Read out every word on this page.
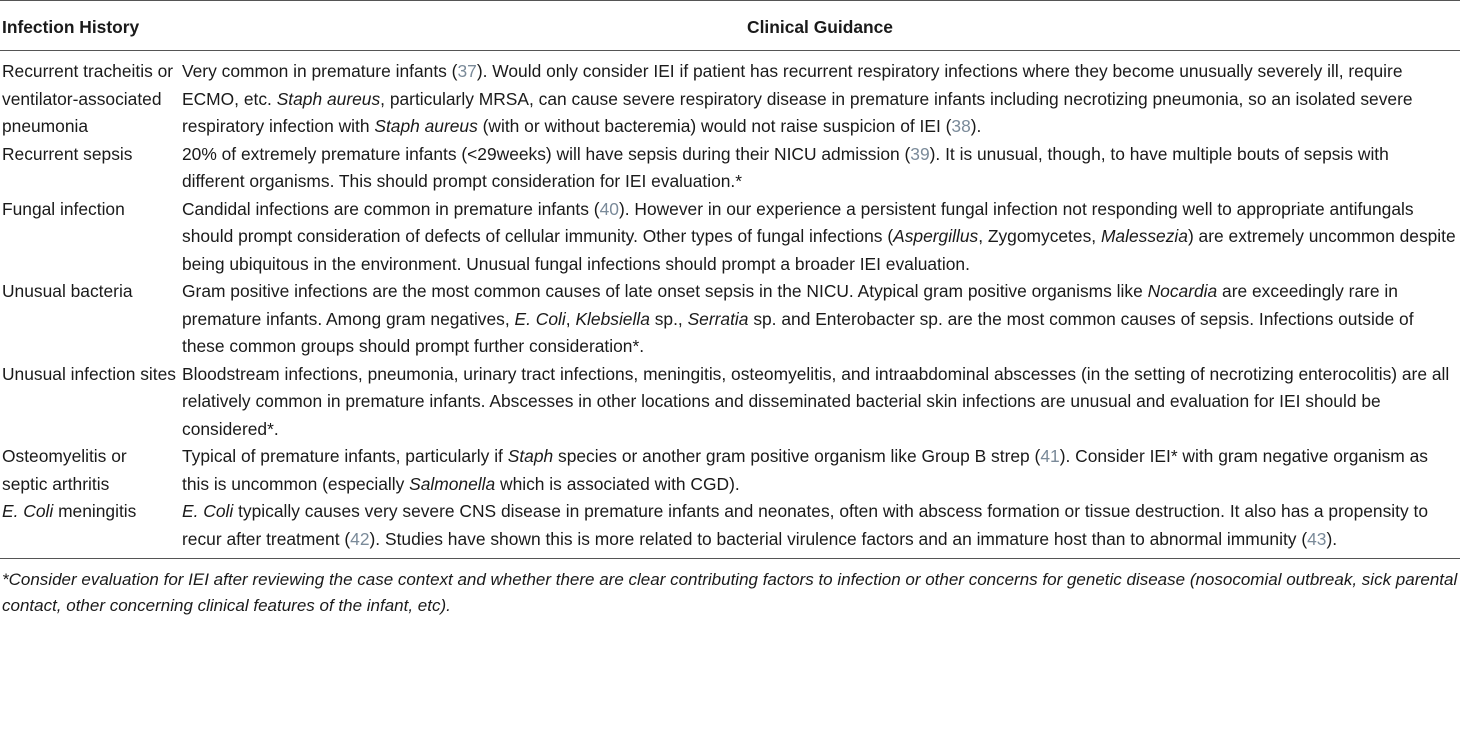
Infection History	Clinical Guidance
Recurrent tracheitis or ventilator-associated pneumonia	Very common in premature infants (37). Would only consider IEI if patient has recurrent respiratory infections where they become unusually severely ill, require ECMO, etc. Staph aureus, particularly MRSA, can cause severe respiratory disease in premature infants including necrotizing pneumonia, so an isolated severe respiratory infection with Staph aureus (with or without bacteremia) would not raise suspicion of IEI (38).
Recurrent sepsis	20% of extremely premature infants (<29weeks) will have sepsis during their NICU admission (39). It is unusual, though, to have multiple bouts of sepsis with different organisms. This should prompt consideration for IEI evaluation.*
Fungal infection	Candidal infections are common in premature infants (40). However in our experience a persistent fungal infection not responding well to appropriate antifungals should prompt consideration of defects of cellular immunity. Other types of fungal infections (Aspergillus, Zygomycetes, Malessezia) are extremely uncommon despite being ubiquitous in the environment. Unusual fungal infections should prompt a broader IEI evaluation.
Unusual bacteria	Gram positive infections are the most common causes of late onset sepsis in the NICU. Atypical gram positive organisms like Nocardia are exceedingly rare in premature infants. Among gram negatives, E. Coli, Klebsiella sp., Serratia sp. and Enterobacter sp. are the most common causes of sepsis. Infections outside of these common groups should prompt further consideration*.
Unusual infection sites	Bloodstream infections, pneumonia, urinary tract infections, meningitis, osteomyelitis, and intraabdominal abscesses (in the setting of necrotizing enterocolitis) are all relatively common in premature infants. Abscesses in other locations and disseminated bacterial skin infections are unusual and evaluation for IEI should be considered*.
Osteomyelitis or septic arthritis	Typical of premature infants, particularly if Staph species or another gram positive organism like Group B strep (41). Consider IEI* with gram negative organism as this is uncommon (especially Salmonella which is associated with CGD).
E. Coli meningitis	E. Coli typically causes very severe CNS disease in premature infants and neonates, often with abscess formation or tissue destruction. It also has a propensity to recur after treatment (42). Studies have shown this is more related to bacterial virulence factors and an immature host than to abnormal immunity (43).
*Consider evaluation for IEI after reviewing the case context and whether there are clear contributing factors to infection or other concerns for genetic disease (nosocomial outbreak, sick parental contact, other concerning clinical features of the infant, etc).
